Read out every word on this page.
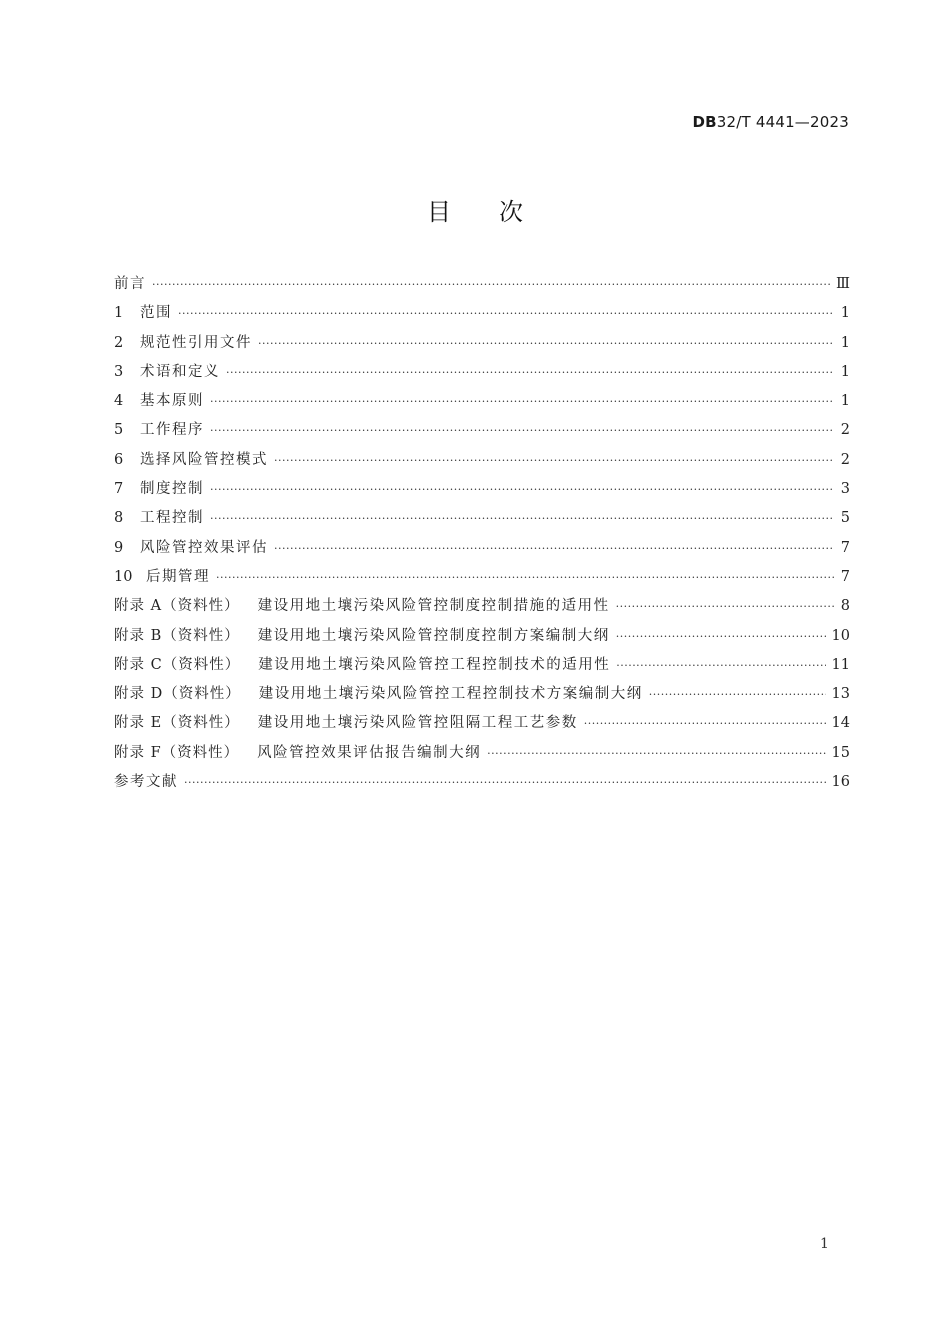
DB32/T 4441—2023
目次
前言 ·····	Ⅲ
1	范围 ·····	1
2	规范性引用文件 ·····	1
3	术语和定义 ·····	1
4	基本原则 ·····	1
5	工作程序 ·····	2
6	选择风险管控模式 ·····	2
7	制度控制 ·····	3
8	工程控制 ·····	5
9	风险管控效果评估 ·····	7
10 后期管理 ·····	7
附录 A（资料性） 建设用地土壤污染风险管控制度控制措施的适用性 ·····	8
附录 B（资料性） 建设用地土壤污染风险管控制度控制方案编制大纲 ·····	10
附录 C（资料性） 建设用地土壤污染风险管控工程控制技术的适用性 ·····	11
附录 D（资料性） 建设用地土壤污染风险管控工程控制技术方案编制大纲 ·····	13
附录 E（资料性） 建设用地土壤污染风险管控阻隔工程工艺参数 ·····	14
附录 F（资料性） 风险管控效果评估报告编制大纲 ·····	15
参考文献 ·····	16
1
